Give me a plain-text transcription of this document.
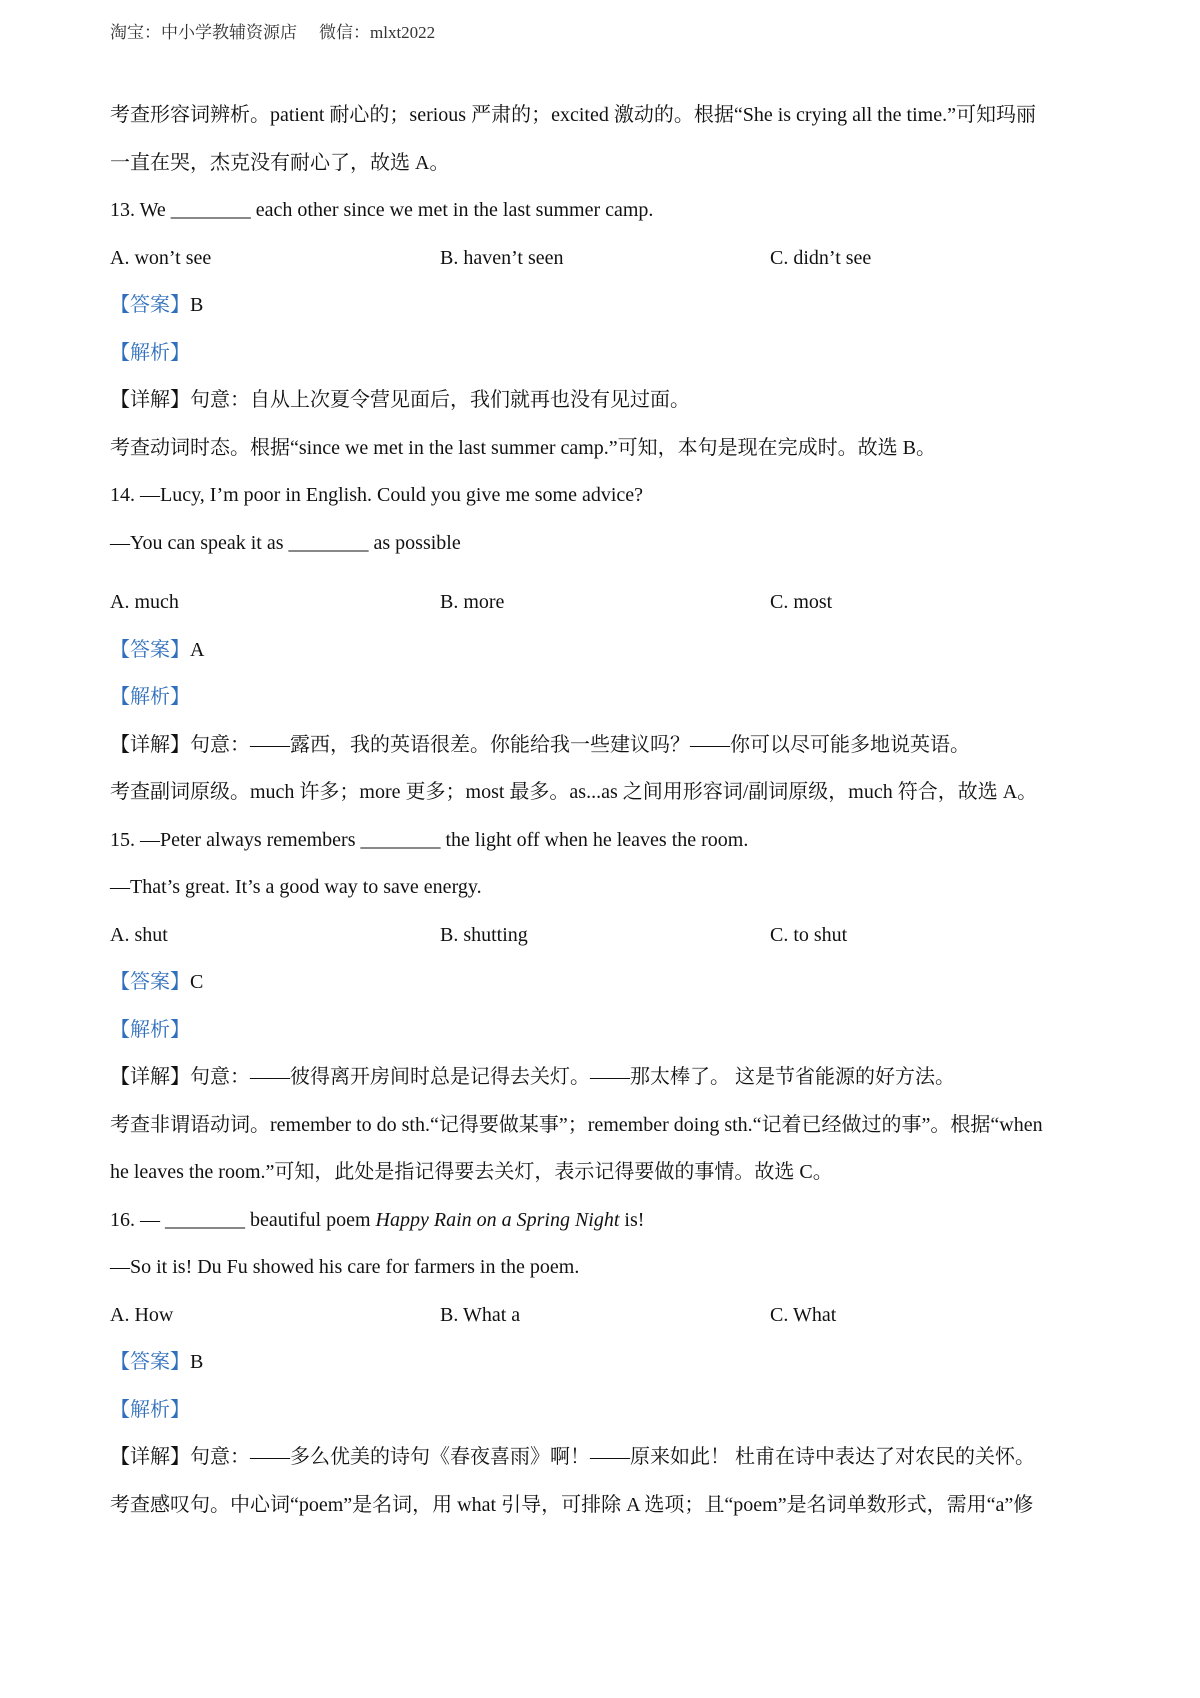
淘宝：中小学教辅资源店 微信：mlxt2022
考查形容词辨析。patient 耐心的；serious 严肃的；excited 激动的。根据“She is crying all the time.”可知玛丽
一直在哭，杰克没有耐心了，故选 A。
13. We ________ each other since we met in the last summer camp.
A. won’t see	B. haven’t seen	C. didn’t see
【答案】B
【解析】
【详解】句意：自从上次夏令营见面后，我们就再也没有见过面。
考查动词时态。根据“since we met in the last summer camp.”可知，本句是现在完成时。故选 B。
14. —Lucy, I’m poor in English. Could you give me some advice?
—You can speak it as ________ as possible
A. much	B. more	C. most
【答案】A
【解析】
【详解】句意：——露西，我的英语很差。你能给我一些建议吗？——你可以尽可能多地说英语。
考查副词原级。much 许多；more 更多；most 最多。as...as 之间用形容词/副词原级，much 符合，故选 A。
15. —Peter always remembers ________ the light off when he leaves the room.
—That’s great. It’s a good way to save energy.
A. shut	B. shutting	C. to shut
【答案】C
【解析】
【详解】句意：——彼得离开房间时总是记得去关灯。——那太棒了。 这是节省能源的好方法。
考查非谓语动词。remember to do sth.“记得要做某事”；remember doing sth.“记着已经做过的事”。根据“when
he leaves the room.”可知，此处是指记得要去关灯，表示记得要做的事情。故选 C。
16. — ________ beautiful poem Happy Rain on a Spring Night is!
—So it is! Du Fu showed his care for farmers in the poem.
A. How	B. What a	C. What
【答案】B
【解析】
【详解】句意：——多么优美的诗句《春夜喜雨》啊！——原来如此！ 杜甫在诗中表达了对农民的关怀。
考查感叹句。中心词“poem”是名词，用 what 引导，可排除 A 选项；且“poem”是名词单数形式，需用“a”修
